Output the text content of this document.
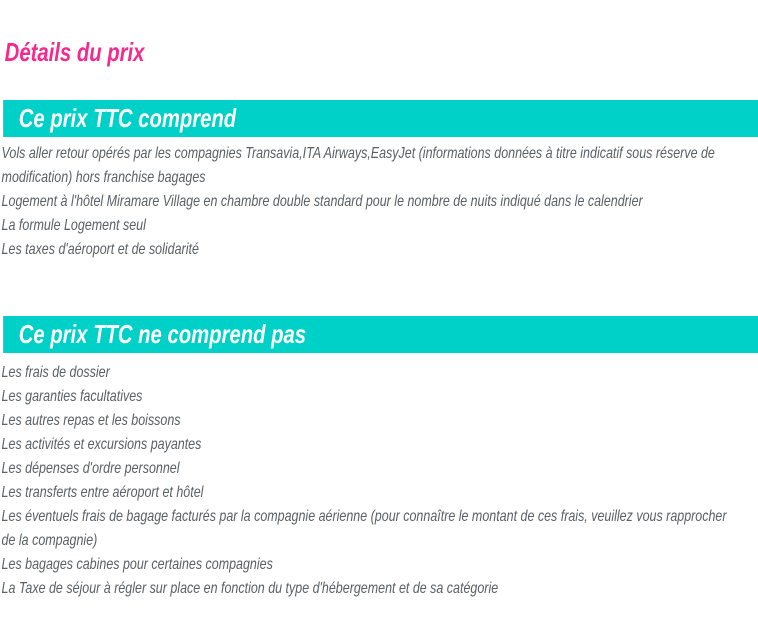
Détails du prix
Ce prix TTC comprend

Vols aller retour opérés par les compagnies Transavia,ITA Airways,EasyJet (informations données à titre indicatif sous réserve de modification) hors franchise bagages

Logement à l'hôtel Miramare Village en chambre double standard pour le nombre de nuits indiqué dans le calendrier

La formule Logement seul

Les taxes d'aéroport et de solidarité

Ce prix TTC ne comprend pas

Les frais de dossier

Les garanties facultatives

Les autres repas et les boissons

Les activités et excursions payantes

Les dépenses d'ordre personnel

Les transferts entre aéroport et hôtel

Les éventuels frais de bagage facturés par la compagnie aérienne (pour connaître le montant de ces frais, veuillez vous rapprocher de la compagnie)

Les bagages cabines pour certaines compagnies

La Taxe de séjour à régler sur place en fonction du type d'hébergement et de sa catégorie
